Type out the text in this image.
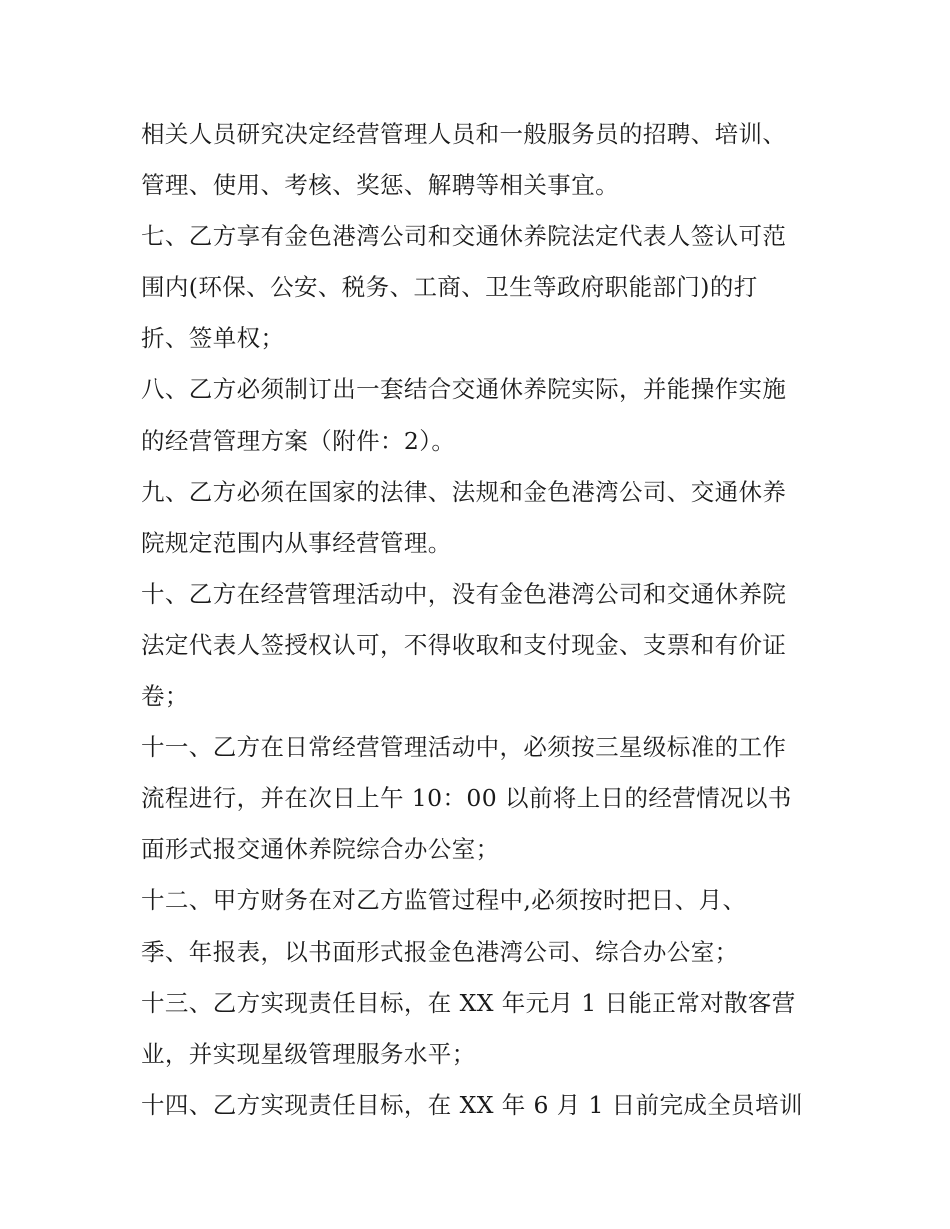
相关人员研究决定经营管理人员和一般服务员的招聘、培训、
管理、使用、考核、奖惩、解聘等相关事宜。
七、乙方享有金色港湾公司和交通休养院法定代表人签认可范
围内(环保、公安、税务、工商、卫生等政府职能部门)的打
折、签单权；
八、乙方必须制订出一套结合交通休养院实际，并能操作实施
的经营管理方案（附件：2）。
九、乙方必须在国家的法律、法规和金色港湾公司、交通休养
院规定范围内从事经营管理。
十、乙方在经营管理活动中，没有金色港湾公司和交通休养院
法定代表人签授权认可，不得收取和支付现金、支票和有价证
卷；
十一、乙方在日常经营管理活动中，必须按三星级标准的工作
流程进行，并在次日上午 10：00 以前将上日的经营情况以书
面形式报交通休养院综合办公室；
十二、甲方财务在对乙方监管过程中,必须按时把日、月、
季、年报表，以书面形式报金色港湾公司、综合办公室；
十三、乙方实现责任目标，在 XX 年元月 1 日能正常对散客营
业，并实现星级管理服务水平；
十四、乙方实现责任目标，在 XX 年 6 月 1 日前完成全员培训
